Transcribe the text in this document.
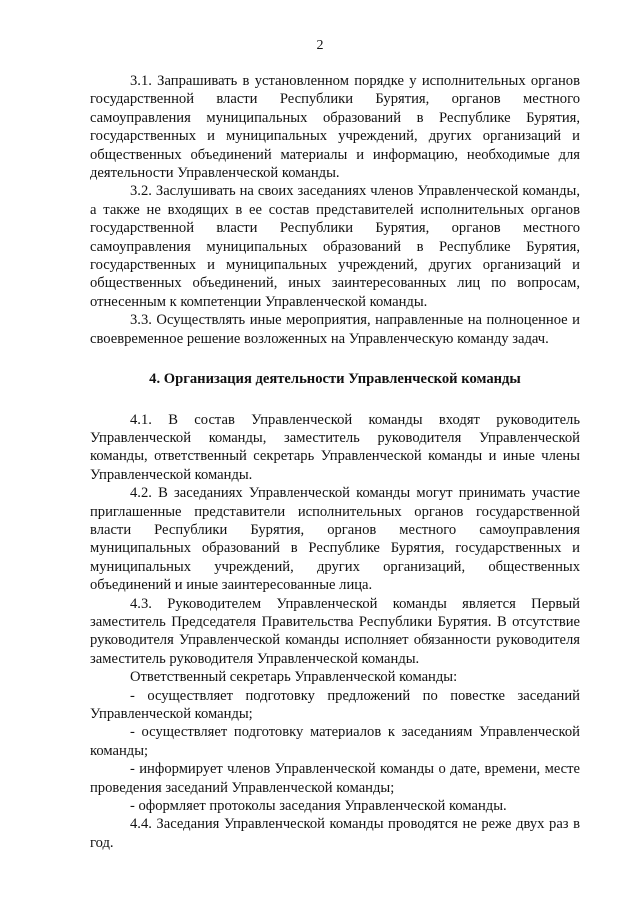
2

3.1. Запрашивать в установленном порядке у исполнительных органов государственной власти Республики Бурятия, органов местного самоуправления муниципальных образований в Республике Бурятия, государственных и муниципальных учреждений, других организаций и общественных объединений материалы и информацию, необходимые для деятельности Управленческой команды.

3.2. Заслушивать на своих заседаниях членов Управленческой команды, а также не входящих в ее состав представителей исполнительных органов государственной власти Республики Бурятия, органов местного самоуправления муниципальных образований в Республике Бурятия, государственных и муниципальных учреждений, других организаций и общественных объединений, иных заинтересованных лиц по вопросам, отнесенным к компетенции Управленческой команды.

3.3. Осуществлять иные мероприятия, направленные на полноценное и своевременное решение возложенных на Управленческую команду задач.

4. Организация деятельности Управленческой команды

4.1. В состав Управленческой команды входят руководитель Управленческой команды, заместитель руководителя Управленческой команды, ответственный секретарь Управленческой команды и иные члены Управленческой команды.

4.2. В заседаниях Управленческой команды могут принимать участие приглашенные представители исполнительных органов государственной власти Республики Бурятия, органов местного самоуправления муниципальных образований в Республике Бурятия, государственных и муниципальных учреждений, других организаций, общественных объединений и иные заинтересованные лица.

4.3. Руководителем Управленческой команды является Первый заместитель Председателя Правительства Республики Бурятия. В отсутствие руководителя Управленческой команды исполняет обязанности руководителя заместитель руководителя Управленческой команды.

Ответственный секретарь Управленческой команды:

- осуществляет подготовку предложений по повестке заседаний Управленческой команды;

- осуществляет подготовку материалов к заседаниям Управленческой команды;

- информирует членов Управленческой команды о дате, времени, месте проведения заседаний Управленческой команды;

- оформляет протоколы заседания Управленческой команды.

4.4. Заседания Управленческой команды проводятся не реже двух раз в год.
